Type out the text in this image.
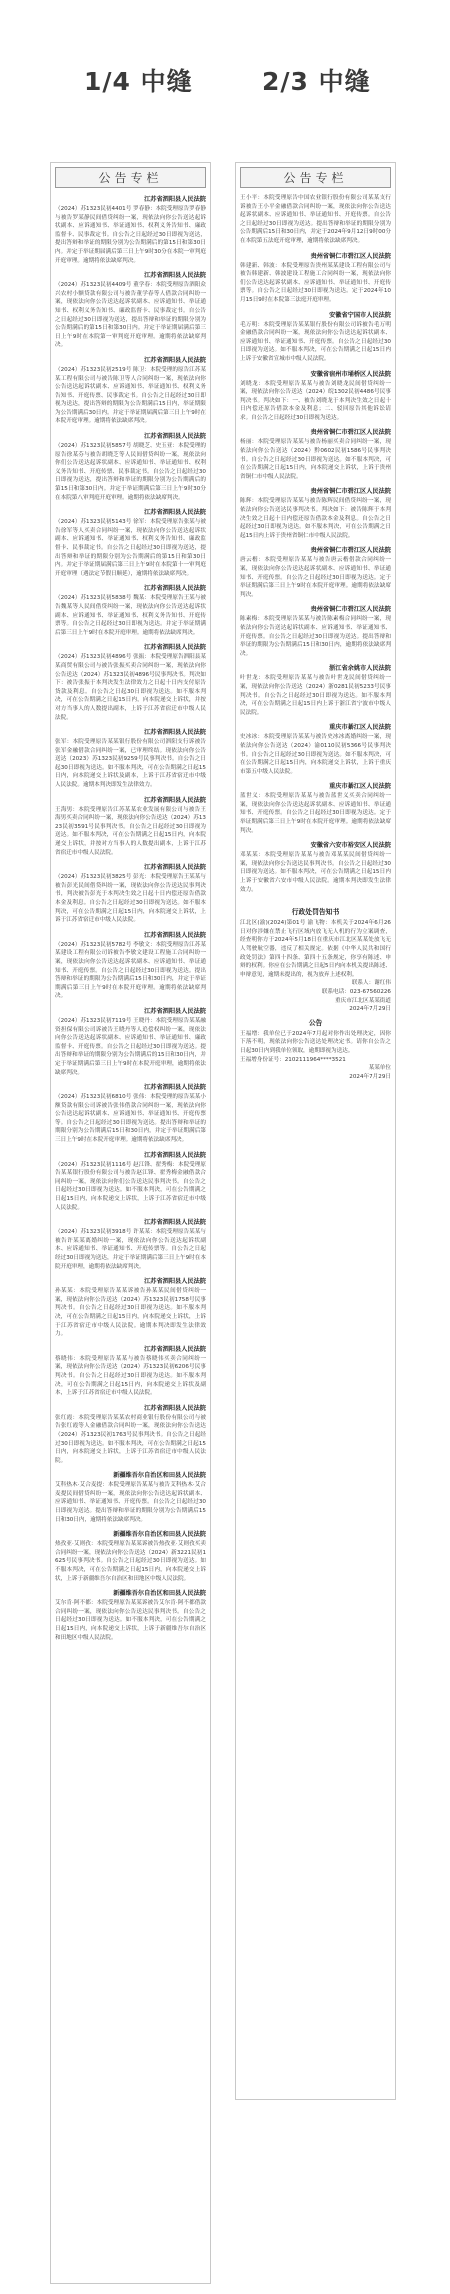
1/4 中缝	2/3 中缝
公告专栏
江苏省泗阳县人民法院

（2024）苏1323民初4401号 罗春静：本院受理原告罗春静与被告罗某静民间借贷纠纷一案，现依法向你公告送达起诉状副本、应诉通知书、举证通知书、权利义务告知书、廉政监督卡、民事裁定书。自公告之日起经过30日即视为送达，提出答辩和举证的期限分别为公告期满后的第15日和第30日内。并定于举证期届满后第三日上午9时30分在本院一审判庭开庭审理。逾期将依法缺席判决。

江苏省泗阳县人民法院

（2024）苏1323民初4409号 董学春：本院受理原告泗阳众兴农村小额贷款有限公司与被告董学春等人借款合同纠纷一案，现依法向你公告送达起诉状副本、应诉通知书、举证通知书、权利义务告知书、廉政监督卡、民事裁定书。自公告之日起经过30日即视为送达，提出答辩和举证的期限分别为公告期满后的第15日和第30日内。并定于举证期届满后第三日上午9时在本院第一审判庭开庭审理。逾期将依法缺席判决。

江苏省泗阳县人民法院

（2024）苏1323民初2519号 陈卫：本院受理的原告江苏某某工程有限公司与被告陈卫等人合同纠纷一案，现依法向你公告送达起诉状副本、应诉通知书、举证通知书、权利义务告知书、开庭传票、民事裁定书。自公告之日起经过30日即视为送达，提出答辩的期限为公告期满后15日内，举证期限为公告期满后30日内。并定于举证期届满后第三日上午9时在本院开庭审理。逾期将依法缺席判决。

江苏省泗阳县人民法院

（2024）苏1323民初5857号 胡晓芝、史玉亚：本院受理的原告徐某芬与被告胡晓芝等人民间借贷纠纷一案，现依法向你们公告送达起诉状副本、应诉通知书、举证通知书、权利义务告知书、开庭传票、民事裁定书。自公告之日起经过30日即视为送达，提出答辩和举证的期限分别为公告期满后的第15日和第30日内。并定于举证期满后第三日上午9时30分在本院第八审判庭开庭审理。逾期将依法缺席判决。

江苏省泗阳县人民法院

（2024）苏1323民初5143号 徐军：本院受理原告张某与被告徐军等人买卖合同纠纷一案，现依法向你公告送达起诉状副本、应诉通知书、举证通知书、权利义务告知书、廉政监督卡、民事裁定书。自公告之日起经过30日即视为送达，提出答辩和举证的期限分别为公告期满后的第15日和第30日内。并定于举证期届满后第三日上午9时在本院第十一审判庭开庭审理（遇法定节假日顺延），逾期将依法缺席判决。

江苏省泗阳县人民法院

（2024）苏1323民初5838号 魏某：本院受理原告王某与被告魏某等人民间借贷纠纷一案，现依法向你公告送达起诉状副本、应诉通知书、举证通知书、权利义务告知书、开庭传票等。自公告之日起经过30日即视为送达。并定于举证期满后第三日上午9时在本院开庭审理。逾期将依法缺席判决。

江苏省泗阳县人民法院

（2024）苏1323民初4896号 张振：本院受理原告泗阳县某某商贸有限公司与被告张振买卖合同纠纷一案，现依法向你公告送达（2024）苏1323民初4896号民事判决书。判决如下：被告张振于本判决发生法律效力之日起十日内支付原告货款及利息。自公告之日起30日即视为送达。如不服本判决，可在公告期满之日起15日内，向本院递交上诉状，并按对方当事人的人数提出副本，上诉于江苏省宿迁市中级人民法院。

江苏省泗阳县人民法院

张军：本院受理原告某某银行股份有限公司泗阳支行诉被告张军金融借款合同纠纷一案，已审理终结。现依法向你公告送达（2023）苏1323民初9259号民事判决书。自公告之日起30日即视为送达。如不服本判决，可在公告期满之日起15日内，向本院递交上诉状及副本，上诉于江苏省宿迁市中级人民法院。逾期本判决即发生法律效力。

江苏省泗阳县人民法院

王海男：本院受理原告江苏某某农业发展有限公司与被告王海男买卖合同纠纷一案，现依法向你公告送达（2024）苏1323民初3591号民事判决书。自公告之日起经过30日即视为送达。如不服本判决，可在公告期满之日起15日内，向本院递交上诉状，并按对方当事人的人数提出副本，上诉于江苏省宿迁市中级人民法院。

江苏省泗阳县人民法院

（2024）苏1323民初3825号 彭光：本院受理原告王某某与被告彭光民间借贷纠纷一案，现依法向你公告送达民事判决书，判决被告彭光于本判决生效之日起十日内偿还原告借款本金及利息。自公告之日起经过30日即视为送达。如不服本判决，可在公告期满之日起15日内，向本院递交上诉状，上诉于江苏省宿迁市中级人民法院。

江苏省泗阳县人民法院

（2024）苏1323民初5782号 李敏文：本院受理原告江苏某某建设工程有限公司诉被告李敏文建设工程施工合同纠纷一案，现依法向你公告送达起诉状副本、应诉通知书、举证通知书、开庭传票。自公告之日起经过30日即视为送达。提出答辩和举证的期限为公告期满后15日和30日内，并定于举证期满后第三日上午9时在本院开庭审理。逾期将依法缺席判决。

江苏省泗阳县人民法院

（2024）苏1323民初7119号 王晓丹：本院受理原告某某融资担保有限公司诉被告王晓丹等人追偿权纠纷一案，现依法向你公告送达起诉状副本、应诉通知书、举证通知书、廉政监督卡、开庭传票。自公告之日起经过30日即视为送达。提出答辩和举证的期限分别为公告期满后的15日和30日内，并定于举证期满后第三日上午9时在本院开庭审理，逾期将依法缺席判决。

江苏省泗阳县人民法院

（2024）苏1323民初6810号 张伟：本院受理的原告某某小额贷款有限公司诉被告张伟借款合同纠纷一案，现依法向你公告送达起诉状副本、应诉通知书、举证通知书、开庭传票等。自公告之日起经过30日即视为送达。提出答辩和举证的期限分别为公告期满后15日和30日内，并定于举证期满后第三日上午9时在本院开庭审理。逾期将依法缺席判决。

江苏省泗阳县人民法院

（2024）苏1323民初1116号 赵江锋、翟秀梅：本院受理原告某某银行股份有限公司与被告赵江锋、翟秀梅金融借款合同纠纷一案，现依法向你们公告送达民事判决书。自公告之日起经过30日即视为送达。如不服本判决，可在公告期满之日起15日内，向本院递交上诉状，上诉于江苏省宿迁市中级人民法院。

江苏省泗阳县人民法院

（2024）苏1323民初3918号 许某某：本院受理原告某某与被告许某某离婚纠纷一案，现依法向你公告送达起诉状副本、应诉通知书、举证通知书、开庭传票等。自公告之日起经过30日即视为送达，并定于举证期满后第三日上午9时在本院开庭审理，逾期将依法缺席判决。

江苏省泗阳县人民法院

孙某某：本院受理原告某某诉被告孙某某民间借贷纠纷一案，现依法向你公告送达（2024）苏1323民初1758号民事判决书。自公告之日起经过30日即视为送达。如不服本判决，可在公告期满之日起15日内，向本院递交上诉状，上诉于江苏省宿迁市中级人民法院。逾期本判决即发生法律效力。

江苏省泗阳县人民法院

蔡晓伟：本院受理原告某某与被告蔡晓伟买卖合同纠纷一案，现依法向你公告送达（2024）苏1323民初6206号民事判决书。自公告之日起经过30日即视为送达。如不服本判决，可在公告期满之日起15日内，向本院递交上诉状及副本，上诉于江苏省宿迁市中级人民法院。

江苏省泗阳县人民法院

张红霞：本院受理原告某某农村商业银行股份有限公司与被告张红霞等人金融借款合同纠纷一案，现依法向你公告送达（2024）苏1323民初1763号民事判决书。自公告之日起经过30日即视为送达。如不服本判决，可在公告期满之日起15日内，向本院递交上诉状，上诉于江苏省宿迁市中级人民法院。

新疆维吾尔自治区和田县人民法院

艾科热木·艾合麦提：本院受理原告某某与被告艾科热木·艾合麦提民间借贷纠纷一案，现依法向你公告送达起诉状副本、应诉通知书、举证通知书、开庭传票。自公告之日起经过30日即视为送达。提出答辩和举证的期限分别为公告期满后15日和30日内，逾期将依法缺席判决。

新疆维吾尔自治区和田县人民法院

热孜亚·艾则孜：本院受理原告某某诉被告热孜亚·艾则孜买卖合同纠纷一案，现依法向你公告送达（2024）新3221民初1625号民事判决书。自公告之日起经过30日即视为送达。如不服本判决，可在公告期满之日起15日内，向本院递交上诉状，上诉于新疆维吾尔自治区和田地区中级人民法院。

新疆维吾尔自治区和田县人民法院

艾尔肯·阿不都：本院受理原告某某诉被告艾尔肯·阿不都借款合同纠纷一案，现依法向你公告送达民事判决书。自公告之日起经过30日即视为送达。如不服本判决，可在公告期满之日起15日内，向本院递交上诉状，上诉于新疆维吾尔自治区和田地区中级人民法院。

公告专栏

王小平：本院受理原告中国农业银行股份有限公司某某支行诉被告王小平金融借款合同纠纷一案，现依法向你公告送达起诉状副本、应诉通知书、举证通知书、开庭传票。自公告之日起经过30日即视为送达。提出答辩和举证的期限分别为公告期满后15日和30日内，并定于2024年9月12日9时00分在本院第五法庭开庭审理，逾期将依法缺席判决。

贵州省铜仁市碧江区人民法院

韩建新、韩波：本院受理原告贵州某某建设工程有限公司与被告韩建新、韩波建设工程施工合同纠纷一案，现依法向你们公告送达起诉状副本、应诉通知书、举证通知书、开庭传票等。自公告之日起经过30日即视为送达。定于2024年10月15日9时在本院第三法庭开庭审理。

安徽省宁国市人民法院

毛万明：本院受理原告某某银行股份有限公司诉被告毛万明金融借款合同纠纷一案，现依法向你公告送达起诉状副本、应诉通知书、举证通知书、开庭传票。自公告之日起经过30日即视为送达。如不服本判决，可在公告期满之日起15日内上诉于安徽省宣城市中级人民法院。

安徽省宿州市埇桥区人民法院

刘晓龙：本院受理原告某某与被告刘晓龙民间借贷纠纷一案，现依法向你公告送达（2024）皖1302民初4486号民事判决书。判决如下：一、被告刘晓龙于本判决生效之日起十日内偿还原告借款本金及利息；二、驳回原告其他诉讼请求。自公告之日起经过30日即视为送达。

贵州省铜仁市碧江区人民法院

杨丽：本院受理原告某某与被告杨丽买卖合同纠纷一案，现依法向你公告送达（2024）黔0602民初1586号民事判决书。自公告之日起经过30日即视为送达。如不服本判决，可在公告期满之日起15日内，向本院递交上诉状，上诉于贵州省铜仁市中级人民法院。

贵州省铜仁市碧江区人民法院

陈辉：本院受理原告某某与被告陈辉民间借贷纠纷一案，现依法向你公告送达民事判决书。判决如下：被告陈辉于本判决生效之日起十日内偿还原告借款本金及利息。自公告之日起经过30日即视为送达。如不服本判决，可在公告期满之日起15日内上诉于贵州省铜仁市中级人民法院。

贵州省铜仁市碧江区人民法院

唐云楷：本院受理原告某某与被告唐云楷借款合同纠纷一案，现依法向你公告送达起诉状副本、应诉通知书、举证通知书、开庭传票。自公告之日起经过30日即视为送达。定于举证期满后第三日上午9时在本院开庭审理。逾期将依法缺席判决。

贵州省铜仁市碧江区人民法院

陈素梅：本院受理原告某某与被告陈素梅合同纠纷一案，现依法向你公告送达起诉状副本、应诉通知书、举证通知书、开庭传票。自公告之日起经过30日即视为送达。提出答辩和举证的期限为公告期满后15日和30日内，逾期将依法缺席判决。

浙江省余姚市人民法院

叶世龙：本院受理原告某某与被告叶世龙民间借贷纠纷一案，现依法向你公告送达（2024）浙0281民初5233号民事判决书。自公告之日起经过30日即视为送达。如不服本判决，可在公告期满之日起15日内上诉于浙江省宁波市中级人民法院。

重庆市綦江区人民法院

史冰冰：本院受理原告某某与被告史冰冰离婚纠纷一案，现依法向你公告送达（2024）渝0110民初5366号民事判决书。自公告之日起经过30日即视为送达。如不服本判决，可在公告期满之日起15日内，向本院递交上诉状，上诉于重庆市第五中级人民法院。

重庆市綦江区人民法院

蓝世义：本院受理原告某某与被告蓝世义买卖合同纠纷一案，现依法向你公告送达起诉状副本、应诉通知书、举证通知书、开庭传票。自公告之日起经过30日即视为送达。定于举证期满后第三日上午9时在本院开庭审理。逾期将依法缺席判决。

安徽省六安市裕安区人民法院

邓某某：本院受理原告某某与被告邓某某民间借贷纠纷一案，现依法向你公告送达民事判决书。自公告之日起经过30日即视为送达。如不服本判决，可在公告期满之日起15日内上诉于安徽省六安市中级人民法院。逾期本判决即发生法律效力。

行政处罚告知书

江北区(渝)(2024)第01号 渝飞物：本机关于2024年6月26日对你涉嫌在禁止飞行区域内放飞无人机的行为立案调查，经查明你方于2024年5月18日在重庆市江北区某某处放飞无人驾驶航空器，违反了相关规定。依据《中华人民共和国行政处罚法》第四十四条、第四十五条规定，你享有陈述、申辩的权利。你应在公告期满之日起5日内向本机关提出陈述、申辩意见，逾期未提出的，视为放弃上述权利。

联系人：谢红伟
联系电话：023-67560226
重庆市江北区某某街道
2024年7月29日

公告

王福增：我单位已于2024年7月起对你作出处理决定，因你下落不明，现依法向你公告送达处理决定书。请你自公告之日起30日内到我单位领取，逾期即视为送达。
王福增身份证号：2102111964****3521

某某单位
2024年7月29日
